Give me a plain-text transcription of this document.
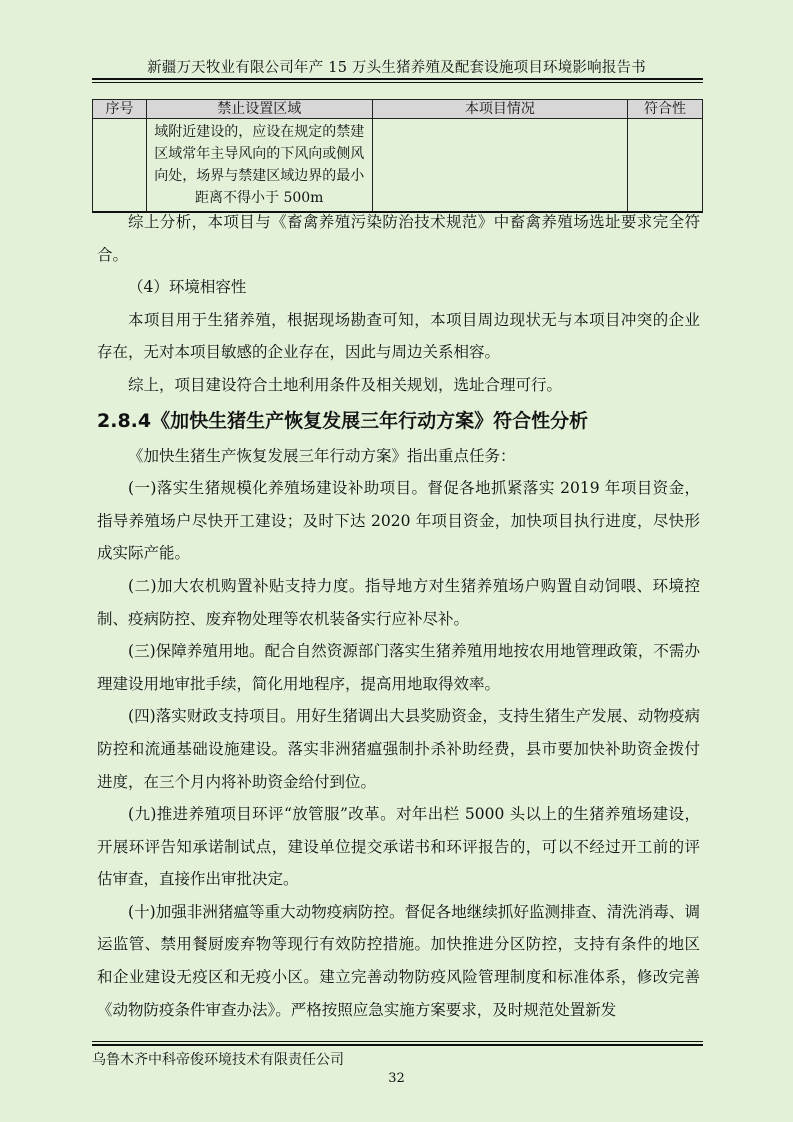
新疆万天牧业有限公司年产 15 万头生猪养殖及配套设施项目环境影响报告书
序号	禁止设置区域	本项目情况	符合性

	域附近建设的，应设在规定的禁建
区域常年主导风向的下风向或侧风
向处，场界与禁建区域边界的最小
距离不得小于 500m		

综上分析，本项目与《畜禽养殖污染防治技术规范》中畜禽养殖场选址要求完全符合。

（4）环境相容性

本项目用于生猪养殖，根据现场勘查可知，本项目周边现状无与本项目冲突的企业存在，无对本项目敏感的企业存在，因此与周边关系相容。

综上，项目建设符合土地利用条件及相关规划，选址合理可行。

2.8.4《加快生猪生产恢复发展三年行动方案》符合性分析

《加快生猪生产恢复发展三年行动方案》指出重点任务：

(一)落实生猪规模化养殖场建设补助项目。督促各地抓紧落实 2019 年项目资金，指导养殖场户尽快开工建设；及时下达 2020 年项目资金，加快项目执行进度，尽快形成实际产能。

(二)加大农机购置补贴支持力度。指导地方对生猪养殖场户购置自动饲喂、环境控制、疫病防控、废弃物处理等农机装备实行应补尽补。

(三)保障养殖用地。配合自然资源部门落实生猪养殖用地按农用地管理政策，不需办理建设用地审批手续，简化用地程序，提高用地取得效率。

(四)落实财政支持项目。用好生猪调出大县奖励资金，支持生猪生产发展、动物疫病防控和流通基础设施建设。落实非洲猪瘟强制扑杀补助经费，县市要加快补助资金拨付进度，在三个月内将补助资金给付到位。

(九)推进养殖项目环评“放管服”改革。对年出栏 5000 头以上的生猪养殖场建设，开展环评告知承诺制试点，建设单位提交承诺书和环评报告的，可以不经过开工前的评估审查，直接作出审批决定。

(十)加强非洲猪瘟等重大动物疫病防控。督促各地继续抓好监测排查、清洗消毒、调运监管、禁用餐厨废弃物等现行有效防控措施。加快推进分区防控，支持有条件的地区和企业建设无疫区和无疫小区。建立完善动物防疫风险管理制度和标准体系，修改完善《动物防疫条件审查办法》。严格按照应急实施方案要求，及时规范处置新发

乌鲁木齐中科帝俊环境技术有限责任公司
32
